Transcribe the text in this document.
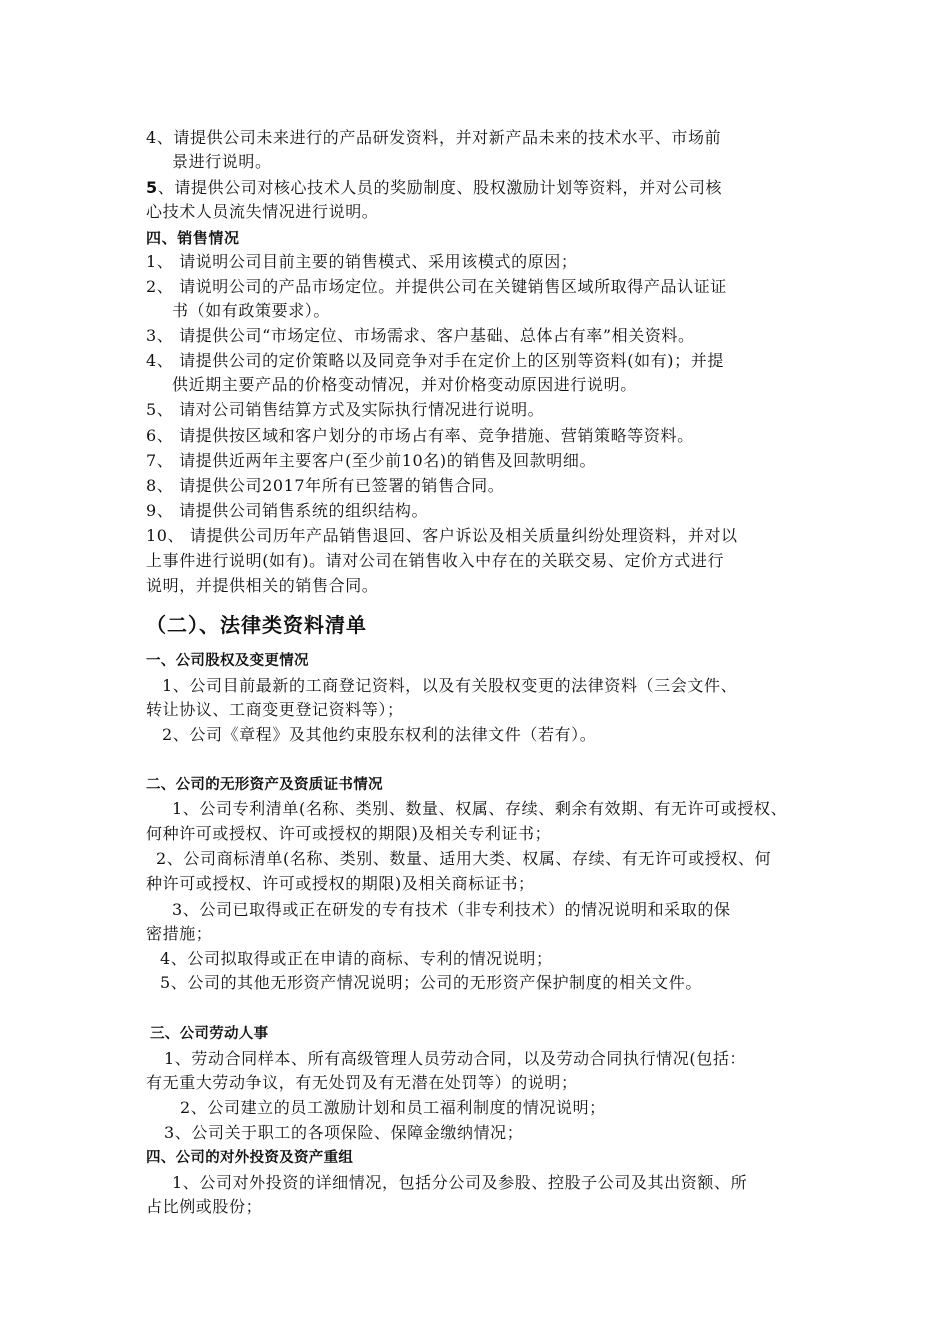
4、请提供公司未来进行的产品研发资料，并对新产品未来的技术水平、市场前
景进行说明。
5、请提供公司对核心技术人员的奖励制度、股权激励计划等资料，并对公司核
心技术人员流失情况进行说明。
四、销售情况
1、 请说明公司目前主要的销售模式、采用该模式的原因；
2、 请说明公司的产品市场定位。并提供公司在关键销售区域所取得产品认证证
书（如有政策要求）。
3、 请提供公司“市场定位、市场需求、客户基础、总体占有率”相关资料。
4、 请提供公司的定价策略以及同竞争对手在定价上的区别等资料(如有)；并提
供近期主要产品的价格变动情况，并对价格变动原因进行说明。
5、 请对公司销售结算方式及实际执行情况进行说明。
6、 请提供按区域和客户划分的市场占有率、竞争措施、营销策略等资料。
7、 请提供近两年主要客户(至少前10名)的销售及回款明细。
8、 请提供公司2017年所有已签署的销售合同。
9、 请提供公司销售系统的组织结构。
10、 请提供公司历年产品销售退回、客户诉讼及相关质量纠纷处理资料，并对以
上事件进行说明(如有)。请对公司在销售收入中存在的关联交易、定价方式进行
说明，并提供相关的销售合同。
（二）、法律类资料清单
一、公司股权及变更情况
1、公司目前最新的工商登记资料，以及有关股权变更的法律资料（三会文件、
转让协议、工商变更登记资料等）；
2、公司《章程》及其他约束股东权利的法律文件（若有）。
二、公司的无形资产及资质证书情况
1、公司专利清单(名称、类别、数量、权属、存续、剩余有效期、有无许可或授权、
何种许可或授权、许可或授权的期限)及相关专利证书；
2、公司商标清单(名称、类别、数量、适用大类、权属、存续、有无许可或授权、何
种许可或授权、许可或授权的期限)及相关商标证书；
3、公司已取得或正在研发的专有技术（非专利技术）的情况说明和采取的保
密措施；
4、公司拟取得或正在申请的商标、专利的情况说明；
5、公司的其他无形资产情况说明；公司的无形资产保护制度的相关文件。
三、公司劳动人事
1、劳动合同样本、所有高级管理人员劳动合同，以及劳动合同执行情况(包括：
有无重大劳动争议，有无处罚及有无潜在处罚等）的说明；
2、公司建立的员工激励计划和员工福利制度的情况说明；
3、公司关于职工的各项保险、保障金缴纳情况；
四、公司的对外投资及资产重组
1、公司对外投资的详细情况，包括分公司及参股、控股子公司及其出资额、所
占比例或股份；
